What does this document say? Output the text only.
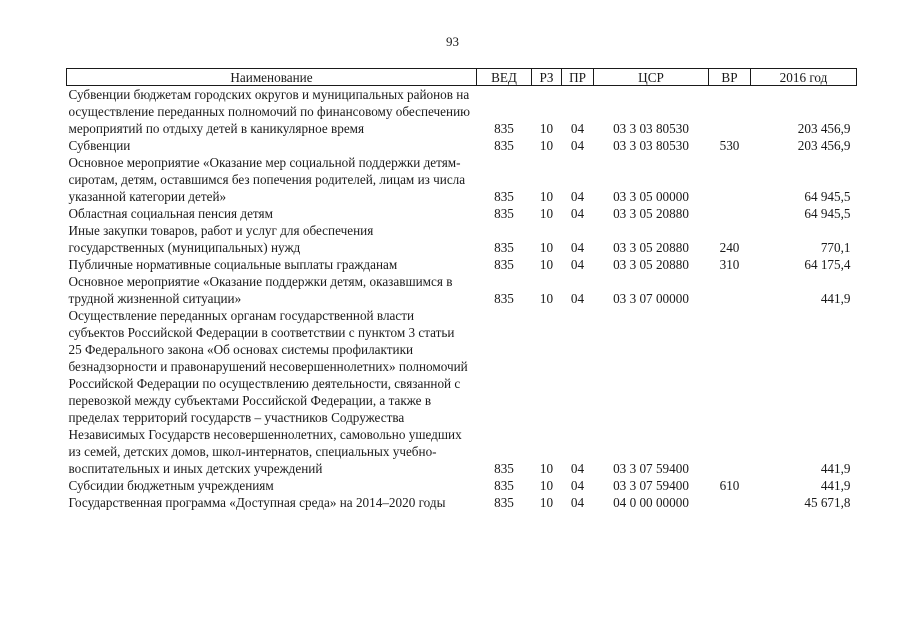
93
Наименование	ВЕД	РЗ	ПР	ЦСР	ВР	2016 год
Субвенции бюджетам городских округов и муниципальных районов на осуществление переданных полномочий по финансовому обеспечению мероприятий по отдыху детей в каникулярное время	835	10	04	03 3 03 80530		203 456,9
Субвенции	835	10	04	03 3 03 80530	530	203 456,9
Основное мероприятие «Оказание мер социальной поддержки детям-сиротам, детям, оставшимся без попечения родителей, лицам из числа указанной категории детей»	835	10	04	03 3 05 00000		64 945,5
Областная социальная пенсия детям	835	10	04	03 3 05 20880		64 945,5
Иные закупки товаров, работ и услуг для обеспечения государственных (муниципальных) нужд	835	10	04	03 3 05 20880	240	770,1
Публичные нормативные социальные выплаты гражданам	835	10	04	03 3 05 20880	310	64 175,4
Основное мероприятие «Оказание поддержки детям, оказавшимся в трудной жизненной ситуации»	835	10	04	03 3 07 00000		441,9
Осуществление переданных органам государственной власти субъектов Российской Федерации в соответствии с пунктом 3 статьи 25 Федерального закона «Об основах системы профилактики безнадзорности и правонарушений несовершеннолетних» полномочий Российской Федерации по осуществлению деятельности, связанной с перевозкой между субъектами Российской Федерации, а также в пределах территорий государств – участников Содружества Независимых Государств несовершеннолетних, самовольно ушедших из семей, детских домов, школ-интернатов, специальных учебно-воспитательных и иных детских учреждений	835	10	04	03 3 07 59400		441,9
Субсидии бюджетным учреждениям	835	10	04	03 3 07 59400	610	441,9
Государственная программа «Доступная среда» на 2014–2020 годы	835	10	04	04 0 00 00000		45 671,8
